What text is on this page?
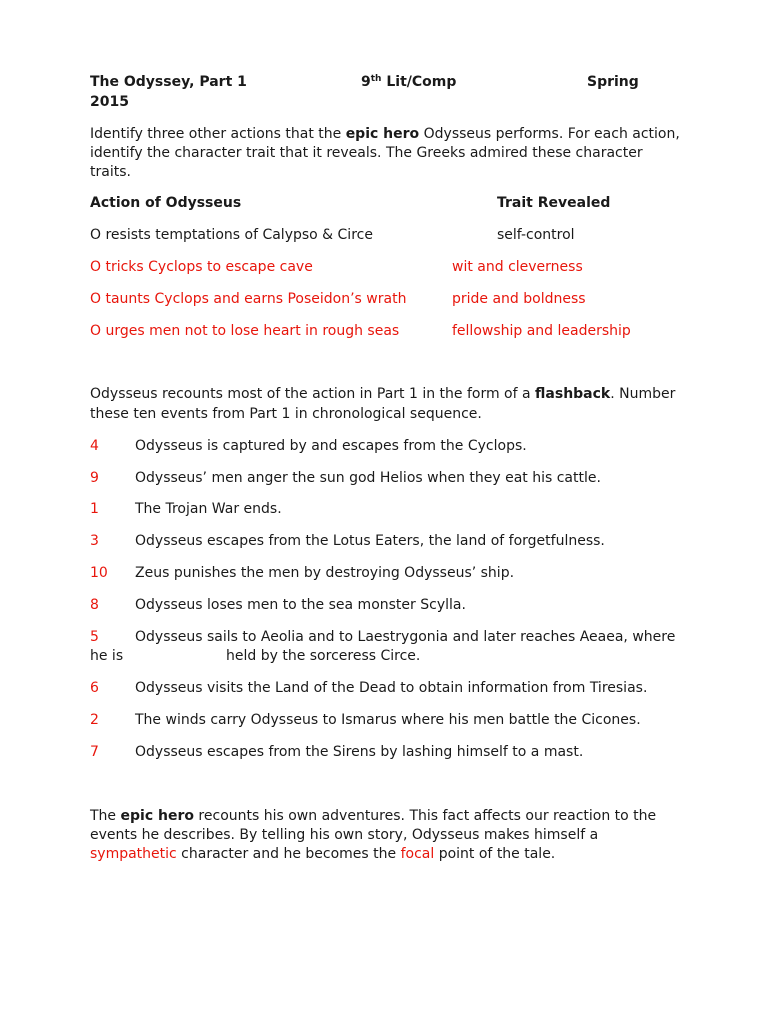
The Odyssey, Part 1	9th Lit/Comp	Spring
2015
Identify three other actions that the epic hero Odysseus performs. For each action,
identify the character trait that it reveals. The Greeks admired these character
traits.
Action of Odysseus	Trait Revealed
O resists temptations of Calypso & Circe	self-control
O tricks Cyclops to escape cave	wit and cleverness
O taunts Cyclops and earns Poseidon’s wrath	pride and boldness
O urges men not to lose heart in rough seas	fellowship and leadership
Odysseus recounts most of the action in Part 1 in the form of a flashback. Number
these ten events from Part 1 in chronological sequence.
4	Odysseus is captured by and escapes from the Cyclops.
9	Odysseus’ men anger the sun god Helios when they eat his cattle.
1	The Trojan War ends.
3	Odysseus escapes from the Lotus Eaters, the land of forgetfulness.
10 Zeus punishes the men by destroying Odysseus’ ship.
8	Odysseus loses men to the sea monster Scylla.
5	Odysseus sails to Aeolia and to Laestrygonia and later reaches Aeaea, where
he is	held by the sorceress Circe.
6	Odysseus visits the Land of the Dead to obtain information from Tiresias.
2	The winds carry Odysseus to Ismarus where his men battle the Cicones.
7	Odysseus escapes from the Sirens by lashing himself to a mast.
The epic hero recounts his own adventures. This fact affects our reaction to the
events he describes. By telling his own story, Odysseus makes himself a
sympathetic character and he becomes the focal point of the tale.
